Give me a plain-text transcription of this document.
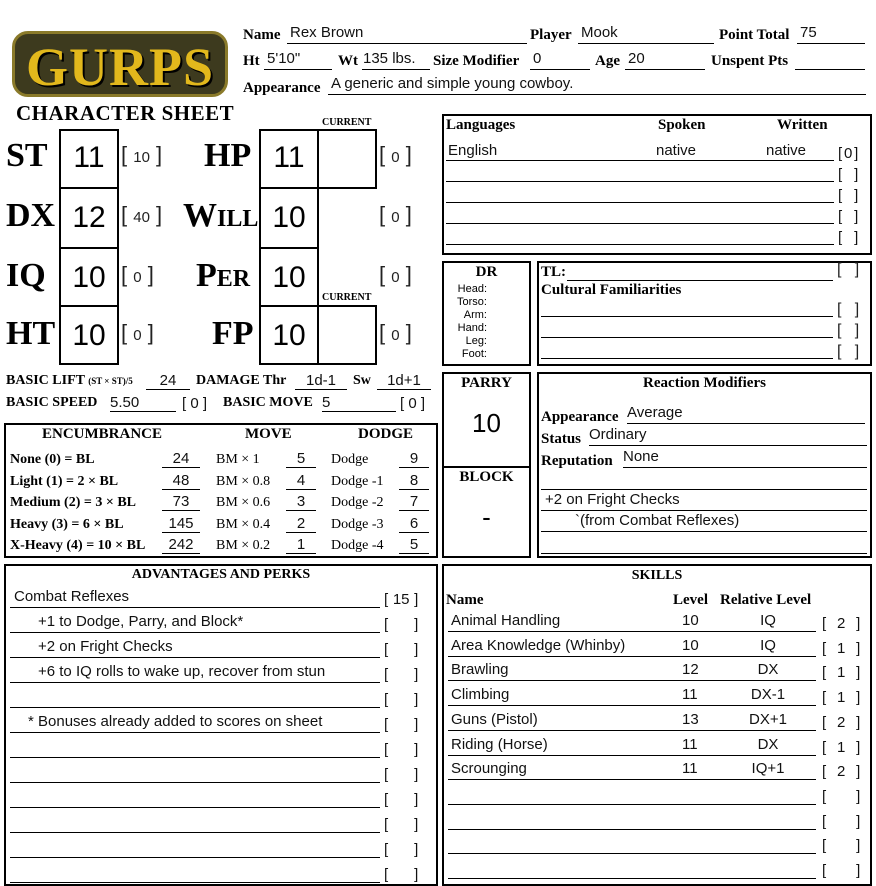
GURPS
CHARACTER SHEET
Name Rex Brown	Player Mook	Point Total 75
Ht 5'10"	Wt 135 lbs.	Size Modifier 0	Age 20	Unspent Pts
Appearance A generic and simple young cowboy.
CURRENT
CURRENT
ST 11 [ 10 ]
DX 12 [ 40 ]
IQ 10 [ 0 ]
HT 10 [ 0 ]
HP 11	[ 0 ]
Will 10	[ 0 ]
Per 10	[ 0 ]
FP 10	[ 0 ]
Languages	Spoken	Written
English	native	native [ 0 ]
[ ]
[ ]
[ ]
[ ]
DR
Head:
Torso:
Arm:
Hand:
Leg:
Foot:
TL:	[   ]
Cultural Familiarities
[   ]
[   ]
[   ]
BASIC LIFT (ST × ST)/5	24	DAMAGE Thr	1d-1	Sw	1d+1
BASIC SPEED 5.50	[ 0 ] BASIC MOVE 5	[ 0 ]
ENCUMBRANCE	MOVE	DODGE
None (0) = BL	24	BM × 1	5	Dodge	9
Light (1) = 2 × BL	48	BM × 0.8	4	Dodge -1	8
Medium (2) = 3 × BL	73	BM × 0.6	3	Dodge -2	7
Heavy (3) = 6 × BL	145	BM × 0.4	2	Dodge -3	6
X-Heavy (4) = 10 × BL	242	BM × 0.2	1	Dodge -4	5
PARRY
10
BLOCK
-
Reaction Modifiers
Appearance Average
Status Ordinary
Reputation None
+2 on Fright Checks
`(from Combat Reflexes)
ADVANTAGES AND PERKS
Combat Reflexes	[ 15 ]
+1 to Dodge, Parry, and Block*	[ ]
+2 on Fright Checks	[ ]
+6 to IQ rolls to wake up, recover from stun	[ ]
[ ]
* Bonuses already added to scores on sheet	[ ]
[ ]
[ ]
[ ]
[ ]
[ ]
[ ]
SKILLS
Name	Level Relative Level
Animal Handling	10	IQ	[ 2 ]
Area Knowledge (Whinby)	10	IQ	[ 1 ]
Brawling	12	DX	[ 1 ]
Climbing	11	DX-1	[ 1 ]
Guns (Pistol)	13	DX+1	[ 2 ]
Riding (Horse)	11	DX	[ 1 ]
Scrounging	11	IQ+1	[ 2 ]
[ ]
[ ]
[ ]
[ ]
